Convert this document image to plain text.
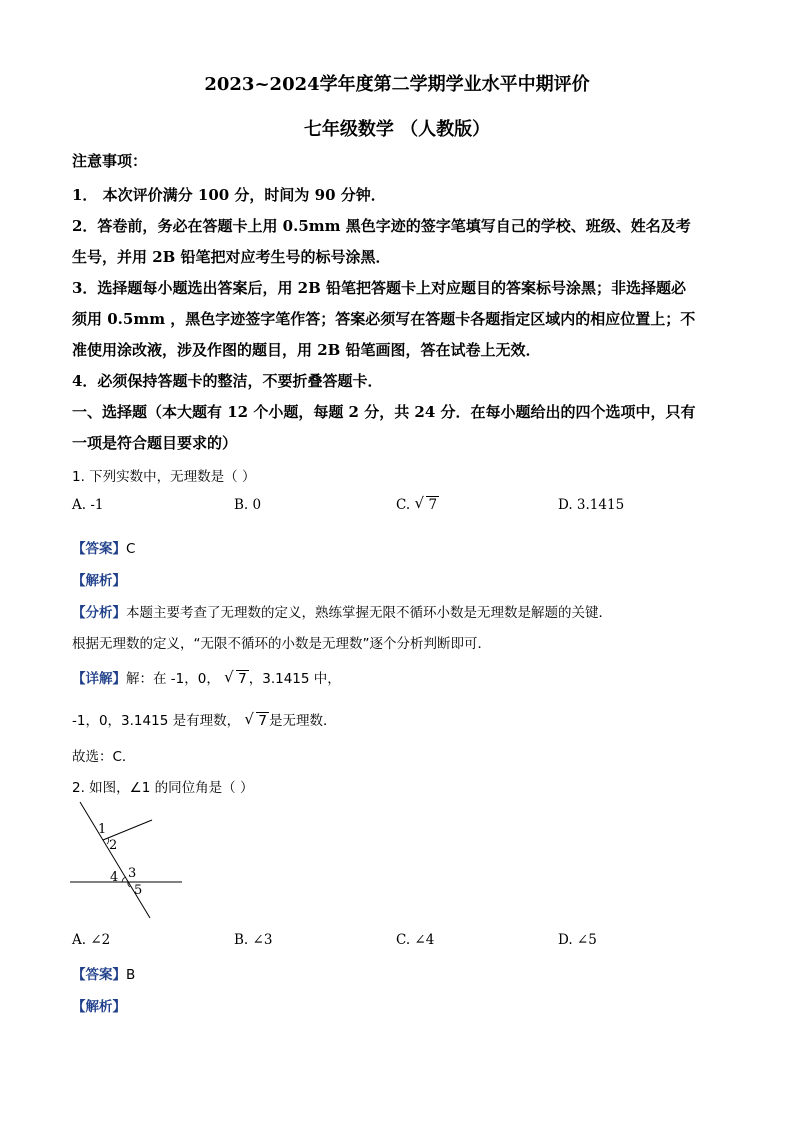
2023~2024学年度第二学期学业水平中期评价
七年级数学 （人教版）
注意事项：
1． 本次评价满分 100 分，时间为 90 分钟．
2．答卷前，务必在答题卡上用 0.5mm 黑色字迹的签字笔填写自己的学校、班级、姓名及考
生号，并用 2B 铅笔把对应考生号的标号涂黑．
3．选择题每小题选出答案后，用 2B 铅笔把答题卡上对应题目的答案标号涂黑；非选择题必
须用 0.5mm ，黑色字迹签字笔作答；答案必须写在答题卡各题指定区域内的相应位置上；不
准使用涂改液，涉及作图的题目，用 2B 铅笔画图，答在试卷上无效．
4．必须保持答题卡的整洁，不要折叠答题卡．
一、选择题（本大题有 12 个小题，每题 2 分，共 24 分．在每小题给出的四个选项中，只有
一项是符合题目要求的）
1. 下列实数中，无理数是（ ）
A. -1	B. 0	C. √ 7	D. 3.1415
【答案】C
【解析】
【分析】本题主要考查了无理数的定义，熟练掌握无限不循环小数是无理数是解题的关键．
根据无理数的定义，“无限不循环的小数是无理数”逐个分析判断即可．
【详解】解：在 -1，0， √ 7 ，3.1415 中，
-1，0，3.1415 是有理数， √ 7 是无理数．
故选：C．
2. 如图，∠1 的同位角是（ ）
1
2
3
4
5
A. ∠2	B. ∠3	C. ∠4	D. ∠5
【答案】B
【解析】
